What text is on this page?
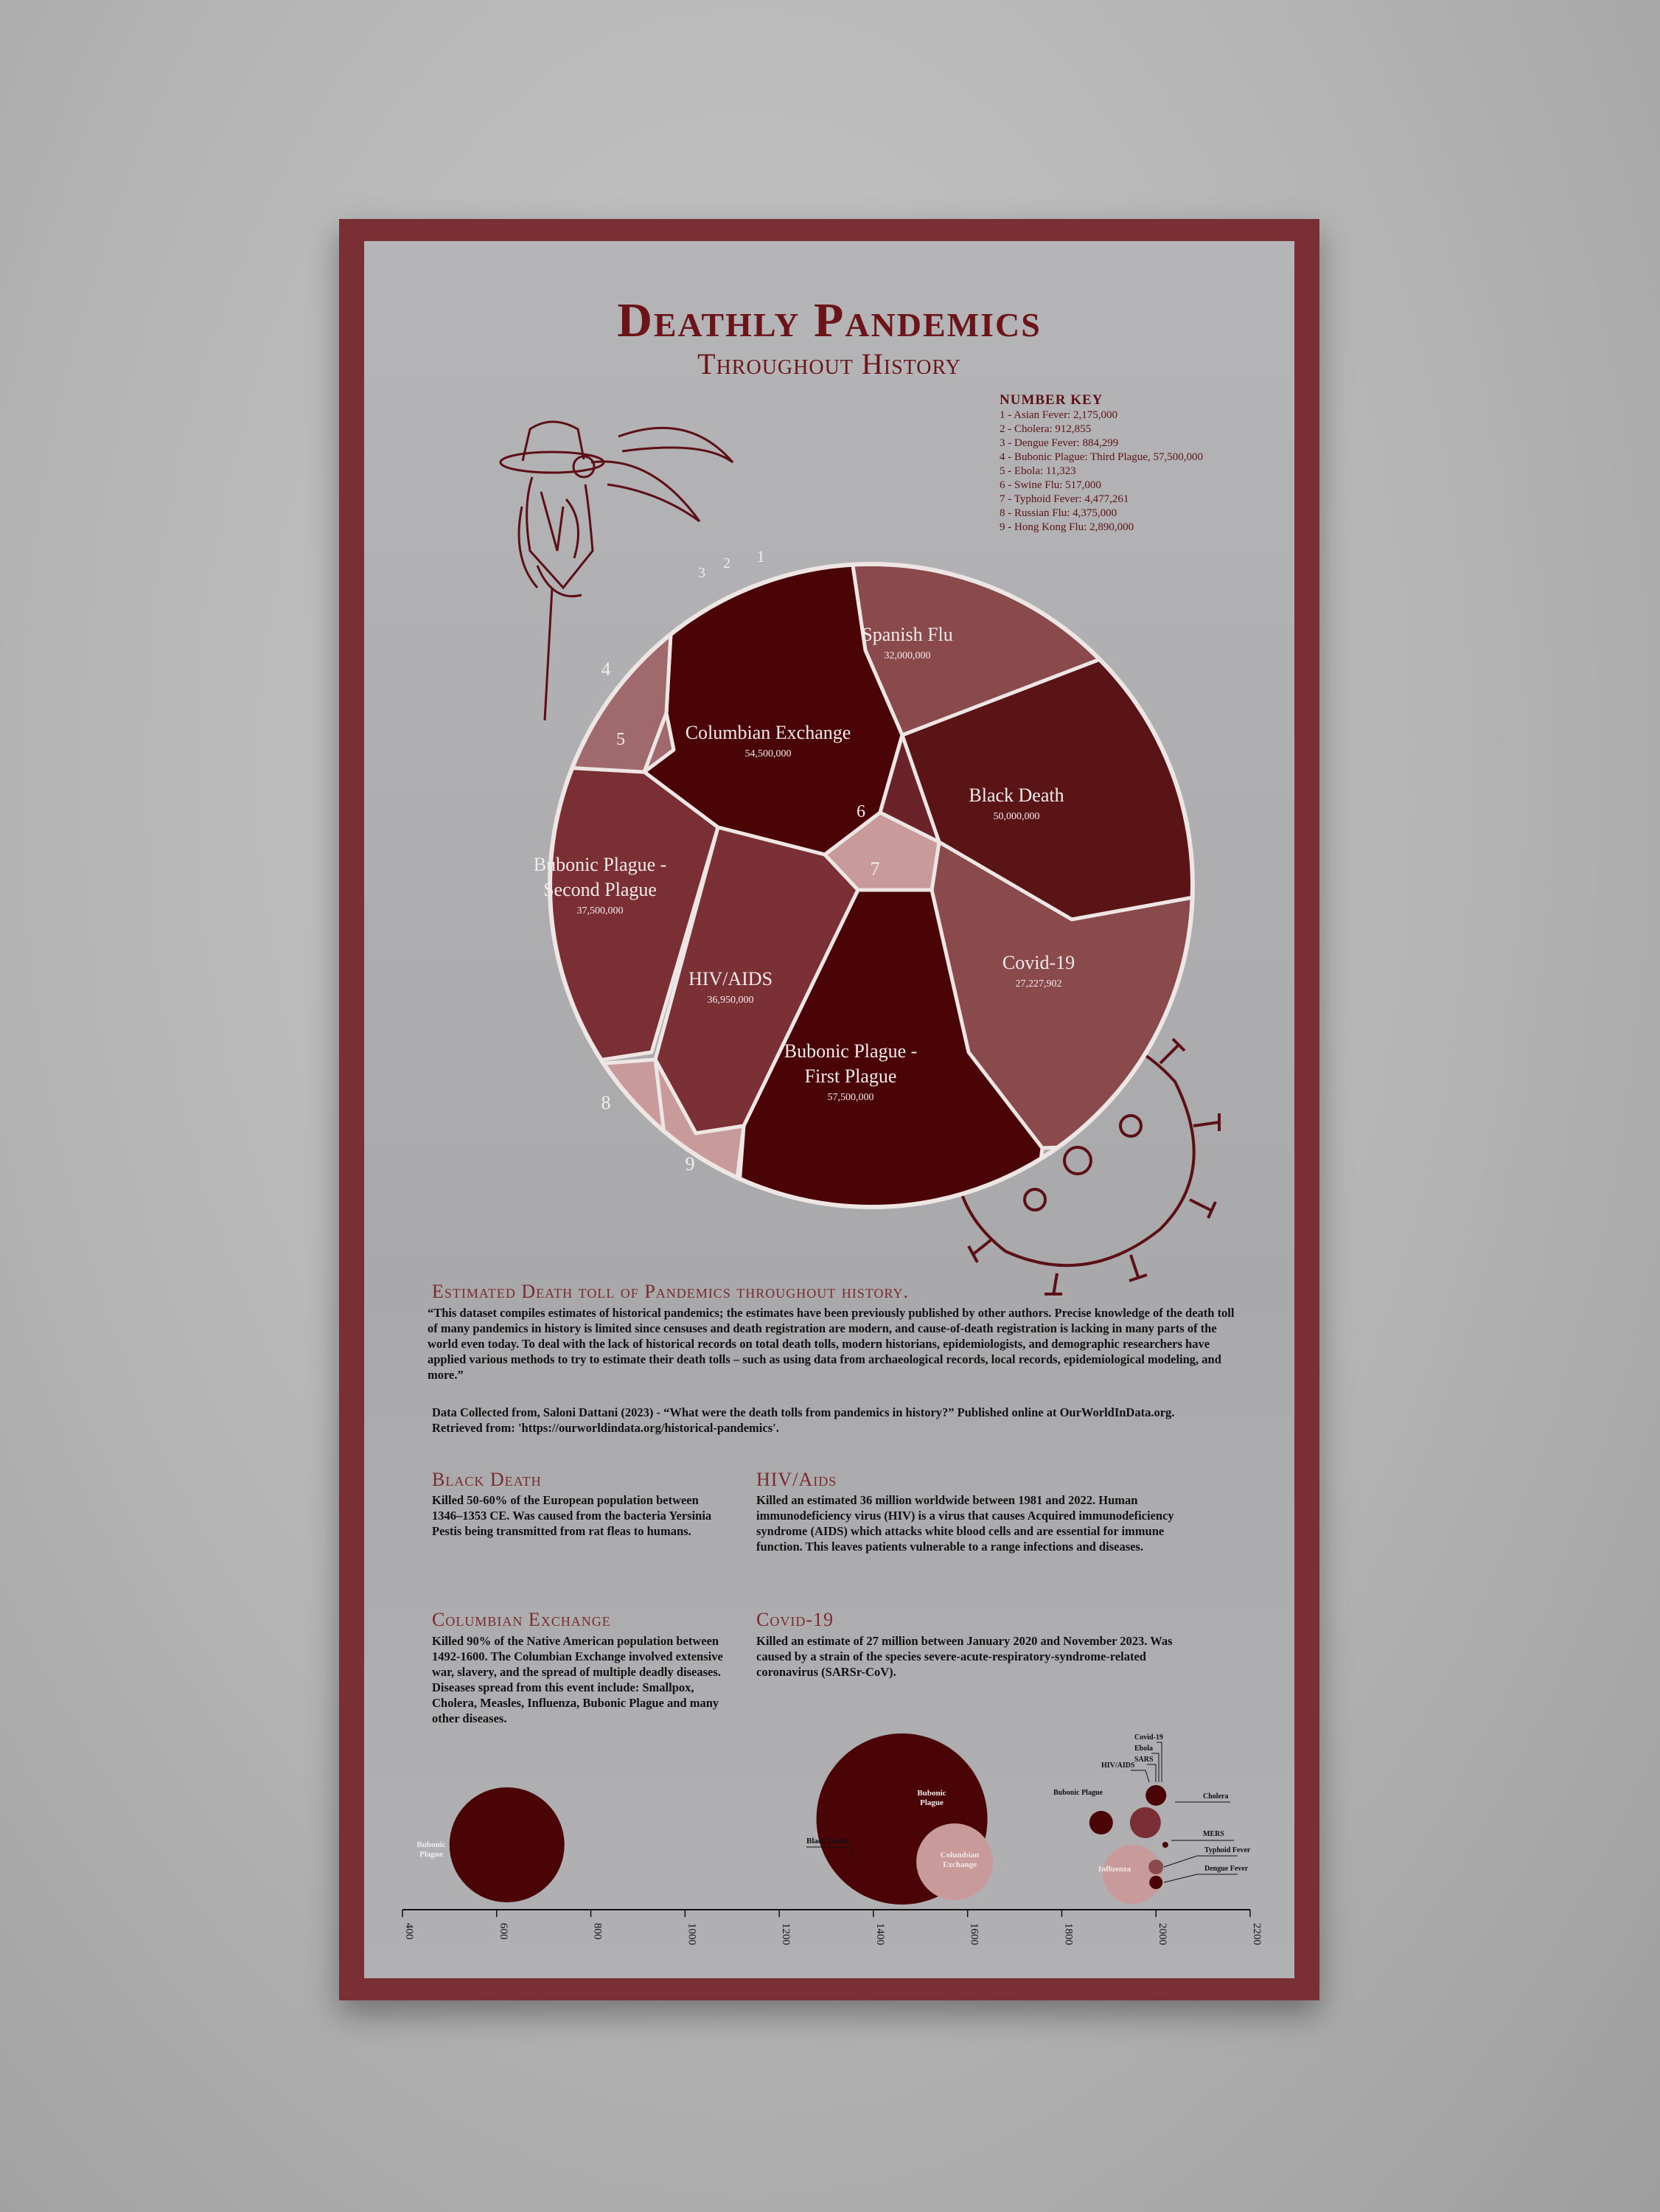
Deathly Pandemics
Throughout History
NUMBER KEY
1 - Asian Fever: 2,175,000
2 - Cholera: 912,855
3 - Dengue Fever: 884,299
4 - Bubonic Plague: Third Plague, 57,500,000
5 - Ebola: 11,323
6 - Swine Flu: 517,000
7 - Typhoid Fever: 4,477,261
8 - Russian Flu: 4,375,000
9 - Hong Kong Flu: 2,890,000
Spanish Flu
32,000,000
Columbian Exchange
54,500,000
Black Death
50,000,000
Bubonic Plague -
Second Plague
37,500,000
HIV/AIDS
36,950,000
Covid-19
27,227,902
Bubonic Plague -
First Plague
57,500,000
1
2
3
4
5
6
7
8
9
Estimated Death toll of Pandemics throughout history.
“This dataset compiles estimates of historical pandemics; the estimates have been previously published by other authors. Precise knowledge of the death toll of many pandemics in history is limited since censuses and death registration are modern, and cause-of-death registration is lacking in many parts of the world even today. To deal with the lack of historical records on total death tolls, modern historians, epidemiologists, and demographic researchers have applied various methods to try to estimate their death tolls – such as using data from archaeological records, local records, epidemiological modeling, and more.”
Data Collected from, Saloni Dattani (2023) - “What were the death tolls from pandemics in history?” Published online at OurWorldInData.org. Retrieved from: 'https://ourworldindata.org/historical-pandemics'.
Black Death
Killed 50-60% of the European population between 1346–1353 CE. Was caused from the bacteria Yersinia Pestis being transmitted from rat fleas to humans.
HIV/Aids
Killed an estimated 36 million worldwide between 1981 and 2022. Human immunodeficiency virus (HIV) is a virus that causes Acquired immunodeficiency syndrome (AIDS) which attacks white blood cells and are essential for immune function. This leaves patients vulnerable to a range infections and diseases.
Columbian Exchange
Killed 90% of the Native American population between 1492-1600. The Columbian Exchange involved extensive war, slavery, and the spread of multiple deadly diseases. Diseases spread from this event include: Smallpox, Cholera, Measles, Influenza, Bubonic Plague and many other diseases.
Covid-19
Killed an estimate of 27 million between January 2020 and November 2023. Was caused by a strain of the species severe-acute-respiratory-syndrome-related coronavirus (SARSr-CoV).
400	600	800	1000	1200	1400	1600	1800	2000	2200
Bubonic
Plague
Bubonic
Plague
Columbian
Exchange
Black Death
Influenza
Bubonic Plague
HIV/AIDS
Covid-19
Ebola
SARS
Cholera
MERS
Typhoid Fever
Dengue Fever
